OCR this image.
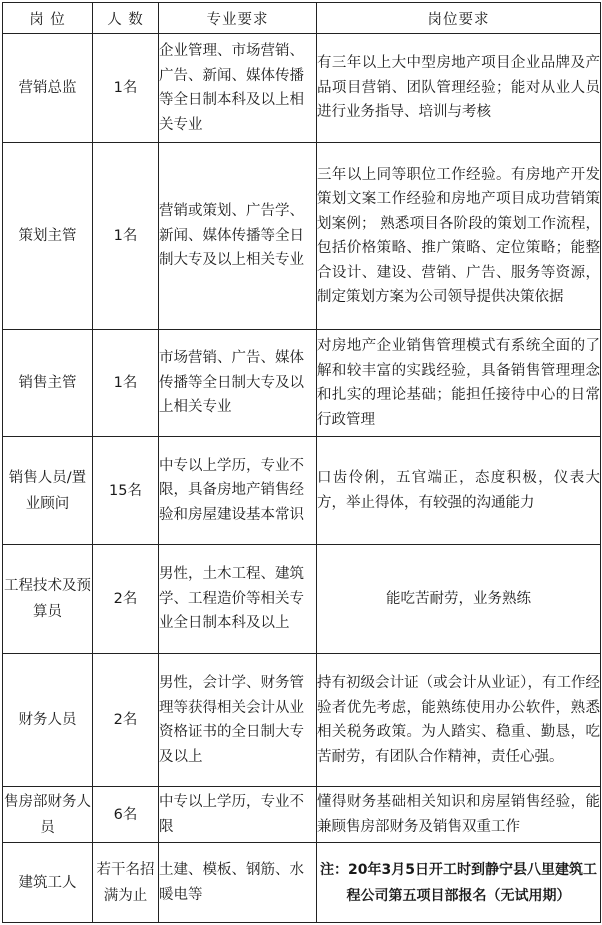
岗 位	人 数	专业要求	岗位要求
营销总监	1名	企业管理、市场营销、广告、新闻、媒体传播等全日制本科及以上相关专业	有三年以上大中型房地产项目企业品牌及产品项目营销、团队管理经验；能对从业人员进行业务指导、培训与考核
策划主管	1名	营销或策划、广告学、新闻、媒体传播等全日制大专及以上相关专业	三年以上同等职位工作经验。有房地产开发策划文案工作经验和房地产项目成功营销策划案例； 熟悉项目各阶段的策划工作流程，包括价格策略、推广策略、定位策略；能整合设计、建设、营销、广告、服务等资源，制定策划方案为公司领导提供决策依据
销售主管	1名	市场营销、广告、媒体传播等全日制大专及以上相关专业	对房地产企业销售管理模式有系统全面的了解和较丰富的实践经验，具备销售管理理念和扎实的理论基础；能担任接待中心的日常行政管理
销售人员/置业顾问	15名	中专以上学历，专业不限，具备房地产销售经验和房屋建设基本常识	口齿伶俐，五官端正，态度积极，仪表大方，举止得体，有较强的沟通能力
工程技术及预算员	2名	男性，土木工程、建筑学、工程造价等相关专业全日制本科及以上	能吃苦耐劳，业务熟练
财务人员	2名	男性，会计学、财务管理等获得相关会计从业资格证书的全日制大专及以上	持有初级会计证（或会计从业证），有工作经验者优先考虑，能熟练使用办公软件，熟悉相关税务政策。为人踏实、稳重、勤恳，吃苦耐劳，有团队合作精神，责任心强。
售房部财务人员	6名	中专以上学历，专业不限	懂得财务基础相关知识和房屋销售经验，能兼顾售房部财务及销售双重工作
建筑工人	若干名招满为止	土建、模板、钢筋、水暖电等	注：20年3月5日开工时到静宁县八里建筑工程公司第五项目部报名（无试用期）
